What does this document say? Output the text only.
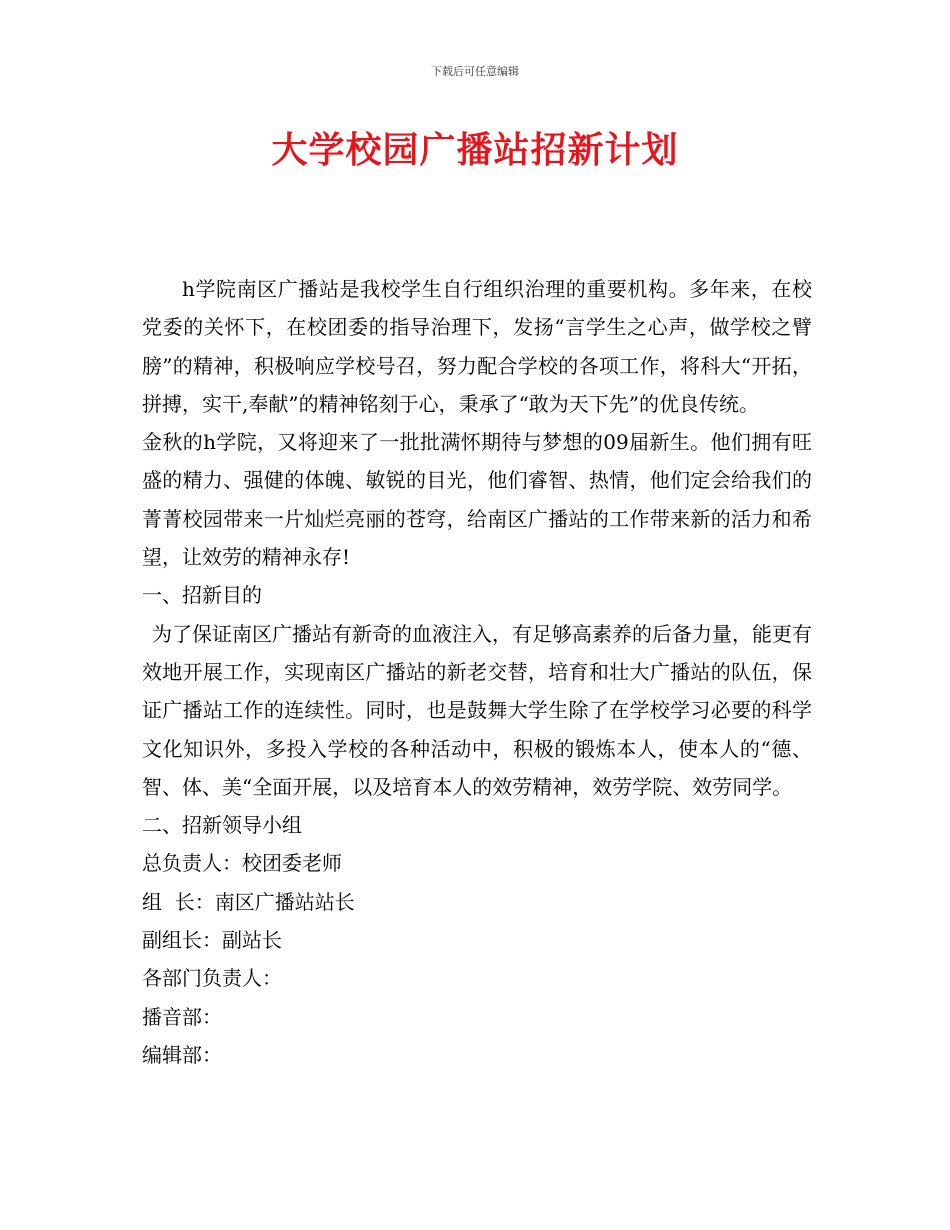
下载后可任意编辑
大学校园广播站招新计划

h学院南区广播站是我校学生自行组织治理的重要机构。多年来，在校党委的关怀下，在校团委的指导治理下，发扬“言学生之心声，做学校之臂膀”的精神，积极响应学校号召，努力配合学校的各项工作，将科大“开拓，拼搏，实干,奉献”的精神铭刻于心，秉承了“敢为天下先”的优良传统。

金秋的h学院，又将迎来了一批批满怀期待与梦想的09届新生。他们拥有旺盛的精力、强健的体魄、敏锐的目光，他们睿智、热情，他们定会给我们的菁菁校园带来一片灿烂亮丽的苍穹，给南区广播站的工作带来新的活力和希望，让效劳的精神永存!

一、招新目的

为了保证南区广播站有新奇的血液注入，有足够高素养的后备力量，能更有效地开展工作，实现南区广播站的新老交替，培育和壮大广播站的队伍，保证广播站工作的连续性。同时，也是鼓舞大学生除了在学校学习必要的科学文化知识外，多投入学校的各种活动中，积极的锻炼本人，使本人的“德、智、体、美“全面开展，以及培育本人的效劳精神，效劳学院、效劳同学。

二、招新领导小组

总负责人：校团委老师

组  长：南区广播站站长

副组长：副站长

各部门负责人：

播音部：

编辑部：
